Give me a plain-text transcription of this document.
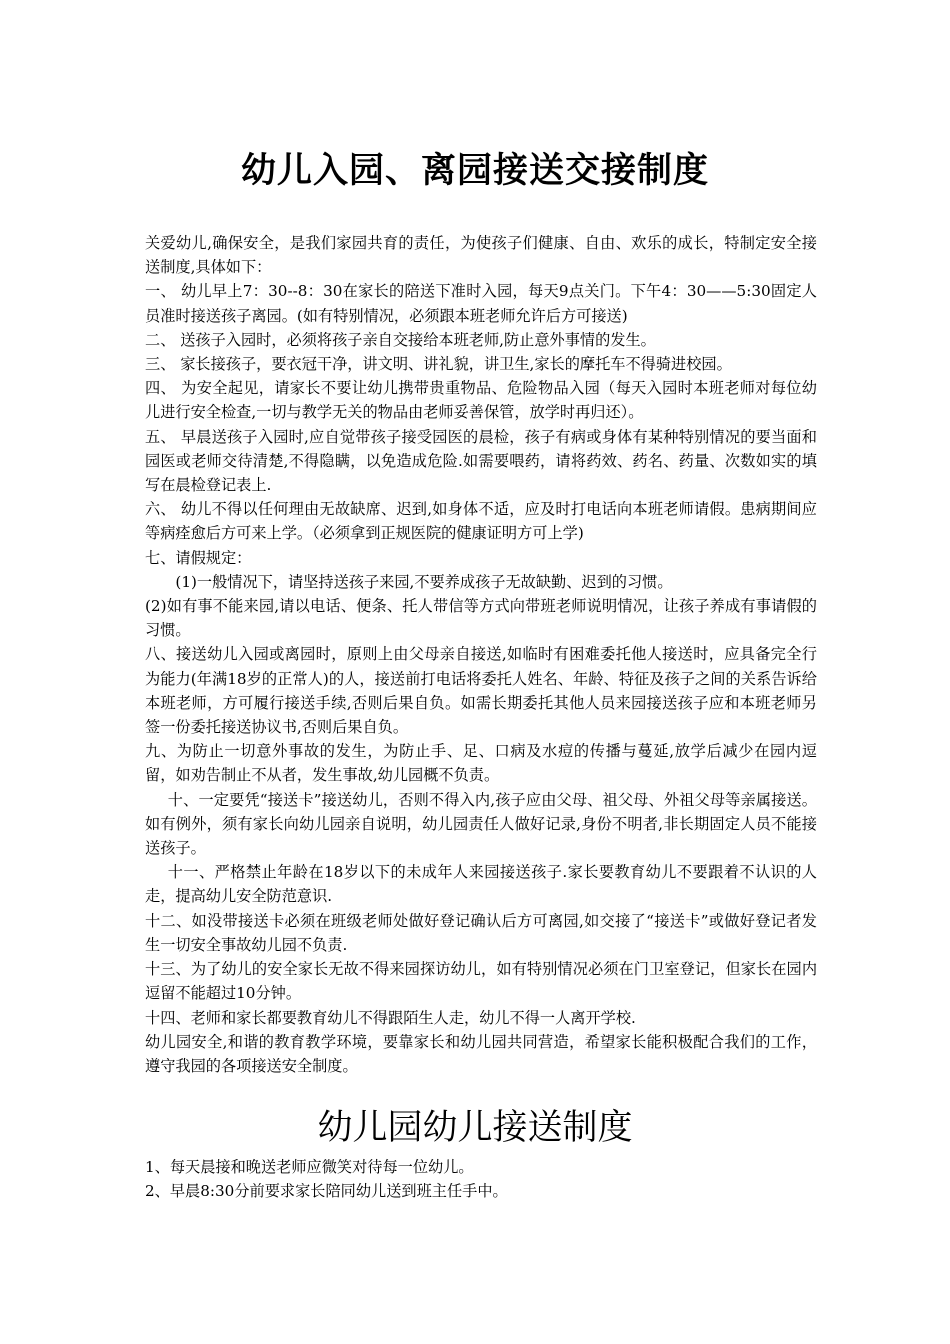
幼儿入园、离园接送交接制度

关爱幼儿,确保安全，是我们家园共育的责任，为使孩子们健康、自由、欢乐的成长，特制定安全接送制度,具体如下：

一、 幼儿早上7：30--8：30在家长的陪送下准时入园，每天9点关门。下午4：30——5:30固定人员准时接送孩子离园。(如有特别情况，必须跟本班老师允许后方可接送)

二、 送孩子入园时，必须将孩子亲自交接给本班老师,防止意外事情的发生。

三、 家长接孩子，要衣冠干净，讲文明、讲礼貌，讲卫生,家长的摩托车不得骑进校园。

四、 为安全起见，请家长不要让幼儿携带贵重物品、危险物品入园（每天入园时本班老师对每位幼儿进行安全检查,一切与教学无关的物品由老师妥善保管，放学时再归还）。

五、 早晨送孩子入园时,应自觉带孩子接受园医的晨检，孩子有病或身体有某种特别情况的要当面和园医或老师交待清楚,不得隐瞒，以免造成危险.如需要喂药，请将药效、药名、药量、次数如实的填写在晨检登记表上.

六、 幼儿不得以任何理由无故缺席、迟到,如身体不适，应及时打电话向本班老师请假。患病期间应等病痊愈后方可来上学。（必须拿到正规医院的健康证明方可上学)

七、请假规定：

(1)一般情况下，请坚持送孩子来园,不要养成孩子无故缺勤、迟到的习惯。

(2)如有事不能来园,请以电话、便条、托人带信等方式向带班老师说明情况，让孩子养成有事请假的习惯。

八、接送幼儿入园或离园时，原则上由父母亲自接送,如临时有困难委托他人接送时，应具备完全行为能力(年满18岁的正常人)的人，接送前打电话将委托人姓名、年龄、特征及孩子之间的关系告诉给本班老师，方可履行接送手续,否则后果自负。如需长期委托其他人员来园接送孩子应和本班老师另签一份委托接送协议书,否则后果自负。

九、为防止一切意外事故的发生，为防止手、足、口病及水痘的传播与蔓延,放学后减少在园内逗留，如劝告制止不从者，发生事故,幼儿园概不负责。

十、一定要凭“接送卡”接送幼儿，否则不得入内,孩子应由父母、祖父母、外祖父母等亲属接送。如有例外，须有家长向幼儿园亲自说明，幼儿园责任人做好记录,身份不明者,非长期固定人员不能接送孩子。

十一、严格禁止年龄在18岁以下的未成年人来园接送孩子.家长要教育幼儿不要跟着不认识的人走，提高幼儿安全防范意识.

十二、如没带接送卡必须在班级老师处做好登记确认后方可离园,如交接了“接送卡”或做好登记者发生一切安全事故幼儿园不负责.

十三、为了幼儿的安全家长无故不得来园探访幼儿，如有特别情况必须在门卫室登记，但家长在园内逗留不能超过10分钟。

十四、老师和家长都要教育幼儿不得跟陌生人走，幼儿不得一人离开学校.

幼儿园安全,和谐的教育教学环境，要靠家长和幼儿园共同营造，希望家长能积极配合我们的工作，遵守我园的各项接送安全制度。

幼儿园幼儿接送制度

1、每天晨接和晚送老师应微笑对待每一位幼儿。

2、早晨8:30分前要求家长陪同幼儿送到班主任手中。
